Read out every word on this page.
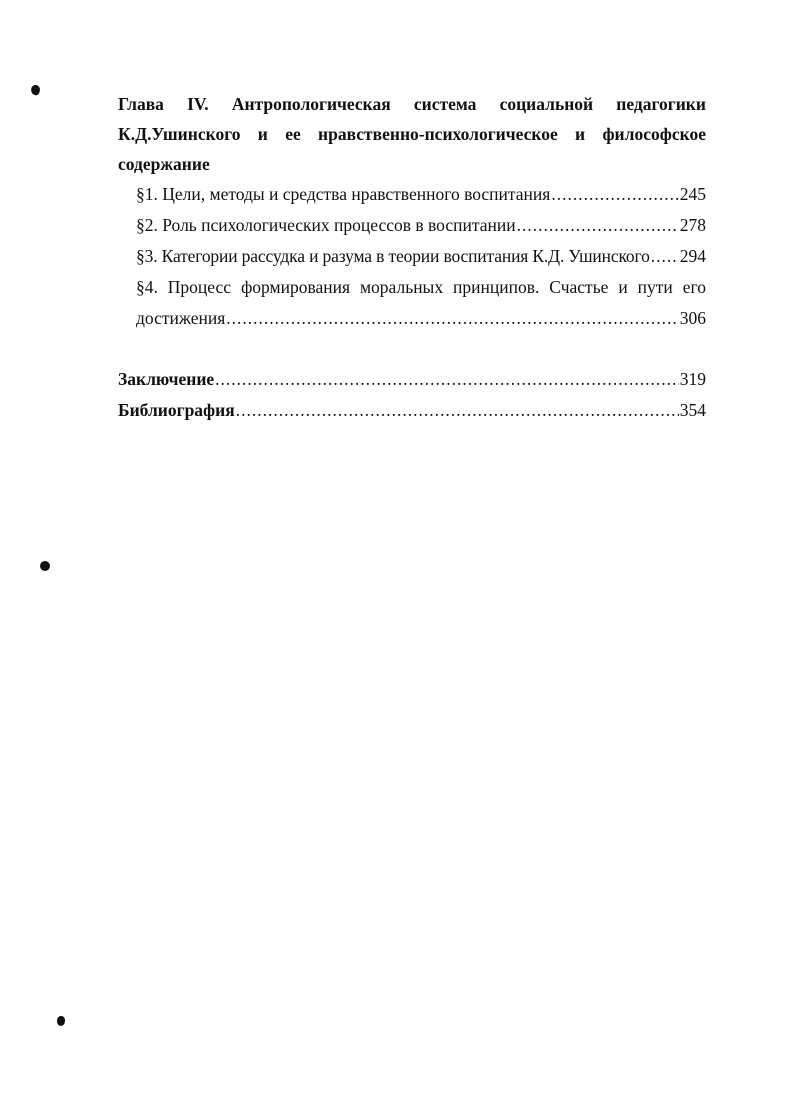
Глава IV. Антропологическая система социальной педагогики
К.Д.Ушинского и ее нравственно-психологическое и философское
содержание
§1. Цели, методы и средства нравственного воспитания .....	245
§2. Роль психологических процессов в воспитании .....	278
§3. Категории рассудка и разума в теории воспитания К.Д. Ушинского ..... 294
§4. Процесс формирования моральных принципов. Счастье и пути его
достижения .....	306
Заключение .....	319
Библиография .....	354
